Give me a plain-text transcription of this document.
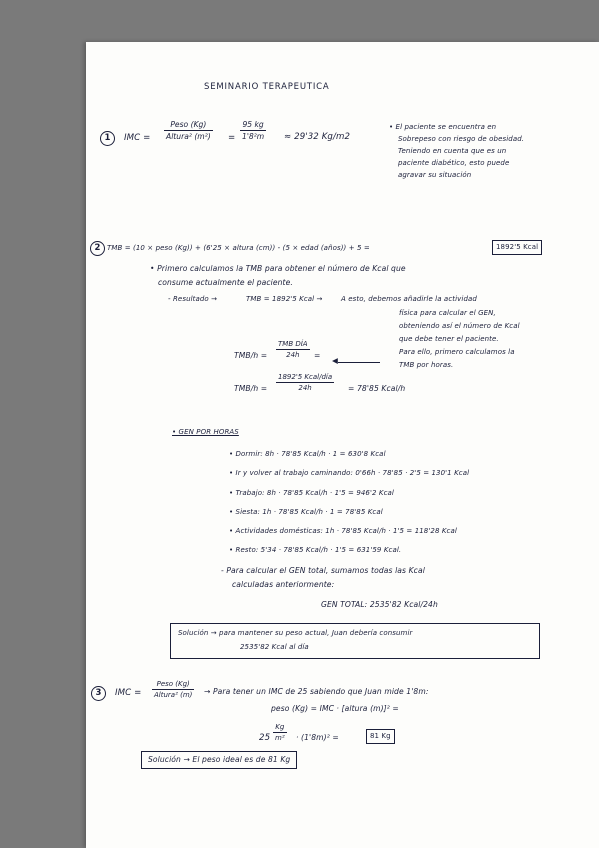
SEMINARIO TERAPEUTICA
1	IMC =
Peso (Kg)
Altura² $(m^2) = \frac{95 kg}{\text{1'8²m}} \approx 29'32$ Kg/m2
• El paciente se encuentra en
Sobrepeso con riesgo de obesidad.
Teniendo en cuenta que es un
paciente diabético, esto puede
agravar su situación
2 TMB = (10 × peso (Kg)) + (6'25 × altura (cm)) - (5 × edad (años)) + 5 =	1892'5 Kcal
• Primero calculamos la TMB para obtener el número de Kcal que
consume actualmente el paciente.
- Resultado →	TMB = 1892'5 Kcal →	A esto, debemos añadirle la actividad
física para calcular el GEN,
obteniendo así el número de Kcal
que debe tener el paciente.
Para ello, primero calculamos la
TMB por horas.
TMB/h =
TMB DÍA
24h	=
◀
TMB/h =
1892'5 Kcal/día
24h	= 78'85 Kcal/h
• GEN POR HORAS
• Dormir: 8h · 78'85 Kcal/h · 1 = 630'8 Kcal
• Ir y volver al trabajo caminando: 0'66h · 78'85 · 2'5 = 130'1 Kcal
• Trabajo: 8h · 78'85 Kcal/h · 1'5 = 946'2 Kcal
• Siesta: 1h · 78'85 Kcal/h · 1 = 78'85 Kcal
• Actividades domésticas: 1h · 78'85 Kcal/h · 1'5 = 118'28 Kcal
• Resto: 5'34 · 78'85 Kcal/h · 1'5 = 631'59 Kcal.
- Para calcular el GEN total, sumamos todas las Kcal
calculadas anteriormente:
GEN TOTAL: 2535'82 Kcal/24h
Solución → para mantener su peso actual, Juan debería consumir
2535'82 Kcal al día
3	IMC =
Peso (Kg)
Altura² (m) → Para tener un IMC de 25 sabiendo que Juan mide 1'8m:
peso (Kg) = IMC · [altura (m)]² =
$25 \frac{Kg}{\text{m²}} \cdot (1'8m)^2$ =	81 Kg
Solución → El peso ideal es de 81 Kg
